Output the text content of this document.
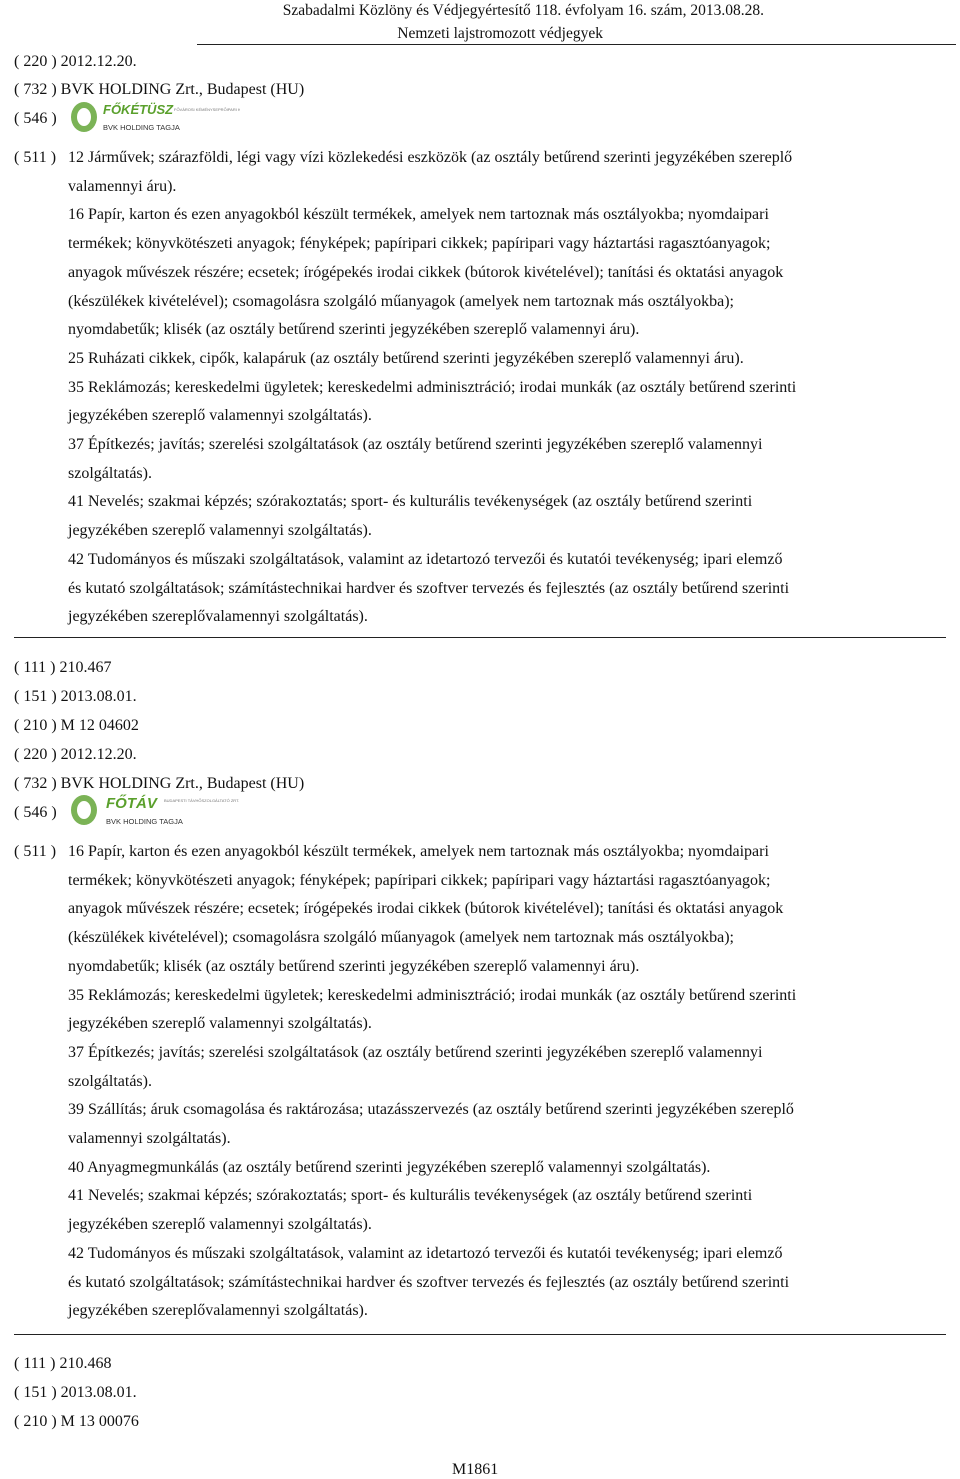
Szabadalmi Közlöny és Védjegyértesítő 118. évfolyam 16. szám, 2013.08.28.
Nemzeti lajstromozott védjegyek
( 220 ) 2012.12.20.
( 732 ) BVK HOLDING Zrt., Budapest (HU)
( 546 )
FŐKÉTÜSZ FŐVÁROSI KÉMÉNYSEPRŐIPARI KFT.
BVK HOLDING TAGJA
( 511 ) 12 Járművek; szárazföldi, légi vagy vízi közlekedési eszközök (az osztály betűrend szerinti jegyzékében szereplő
valamennyi áru).
16 Papír, karton és ezen anyagokból készült termékek, amelyek nem tartoznak más osztályokba; nyomdaipari
termékek; könyvkötészeti anyagok; fényképek; papíripari cikkek; papíripari vagy háztartási ragasztóanyagok;
anyagok művészek részére; ecsetek; írógépekés irodai cikkek (bútorok kivételével); tanítási és oktatási anyagok
(készülékek kivételével); csomagolásra szolgáló műanyagok (amelyek nem tartoznak más osztályokba);
nyomdabetűk; klisék (az osztály betűrend szerinti jegyzékében szereplő valamennyi áru).
25 Ruházati cikkek, cipők, kalapáruk (az osztály betűrend szerinti jegyzékében szereplő valamennyi áru).
35 Reklámozás; kereskedelmi ügyletek; kereskedelmi adminisztráció; irodai munkák (az osztály betűrend szerinti
jegyzékében szereplő valamennyi szolgáltatás).
37 Építkezés; javítás; szerelési szolgáltatások (az osztály betűrend szerinti jegyzékében szereplő valamennyi
szolgáltatás).
41 Nevelés; szakmai képzés; szórakoztatás; sport- és kulturális tevékenységek (az osztály betűrend szerinti
jegyzékében szereplő valamennyi szolgáltatás).
42 Tudományos és műszaki szolgáltatások, valamint az idetartozó tervezői és kutatói tevékenység; ipari elemző
és kutató szolgáltatások; számítástechnikai hardver és szoftver tervezés és fejlesztés (az osztály betűrend szerinti
jegyzékében szereplővalamennyi szolgáltatás).
( 111 ) 210.467
( 151 ) 2013.08.01.
( 210 ) M 12 04602
( 220 ) 2012.12.20.
( 732 ) BVK HOLDING Zrt., Budapest (HU)
( 546 )
FŐTÁV	BUDAPESTI TÁVHŐSZOLGÁLTATÓ ZRT.
BVK HOLDING TAGJA
( 511 ) 16 Papír, karton és ezen anyagokból készült termékek, amelyek nem tartoznak más osztályokba; nyomdaipari
termékek; könyvkötészeti anyagok; fényképek; papíripari cikkek; papíripari vagy háztartási ragasztóanyagok;
anyagok művészek részére; ecsetek; írógépekés irodai cikkek (bútorok kivételével); tanítási és oktatási anyagok
(készülékek kivételével); csomagolásra szolgáló műanyagok (amelyek nem tartoznak más osztályokba);
nyomdabetűk; klisék (az osztály betűrend szerinti jegyzékében szereplő valamennyi áru).
35 Reklámozás; kereskedelmi ügyletek; kereskedelmi adminisztráció; irodai munkák (az osztály betűrend szerinti
jegyzékében szereplő valamennyi szolgáltatás).
37 Építkezés; javítás; szerelési szolgáltatások (az osztály betűrend szerinti jegyzékében szereplő valamennyi
szolgáltatás).
39 Szállítás; áruk csomagolása és raktározása; utazásszervezés (az osztály betűrend szerinti jegyzékében szereplő
valamennyi szolgáltatás).
40 Anyagmegmunkálás (az osztály betűrend szerinti jegyzékében szereplő valamennyi szolgáltatás).
41 Nevelés; szakmai képzés; szórakoztatás; sport- és kulturális tevékenységek (az osztály betűrend szerinti
jegyzékében szereplő valamennyi szolgáltatás).
42 Tudományos és műszaki szolgáltatások, valamint az idetartozó tervezői és kutatói tevékenység; ipari elemző
és kutató szolgáltatások; számítástechnikai hardver és szoftver tervezés és fejlesztés (az osztály betűrend szerinti
jegyzékében szereplővalamennyi szolgáltatás).
( 111 ) 210.468
( 151 ) 2013.08.01.
( 210 ) M 13 00076
M1861
